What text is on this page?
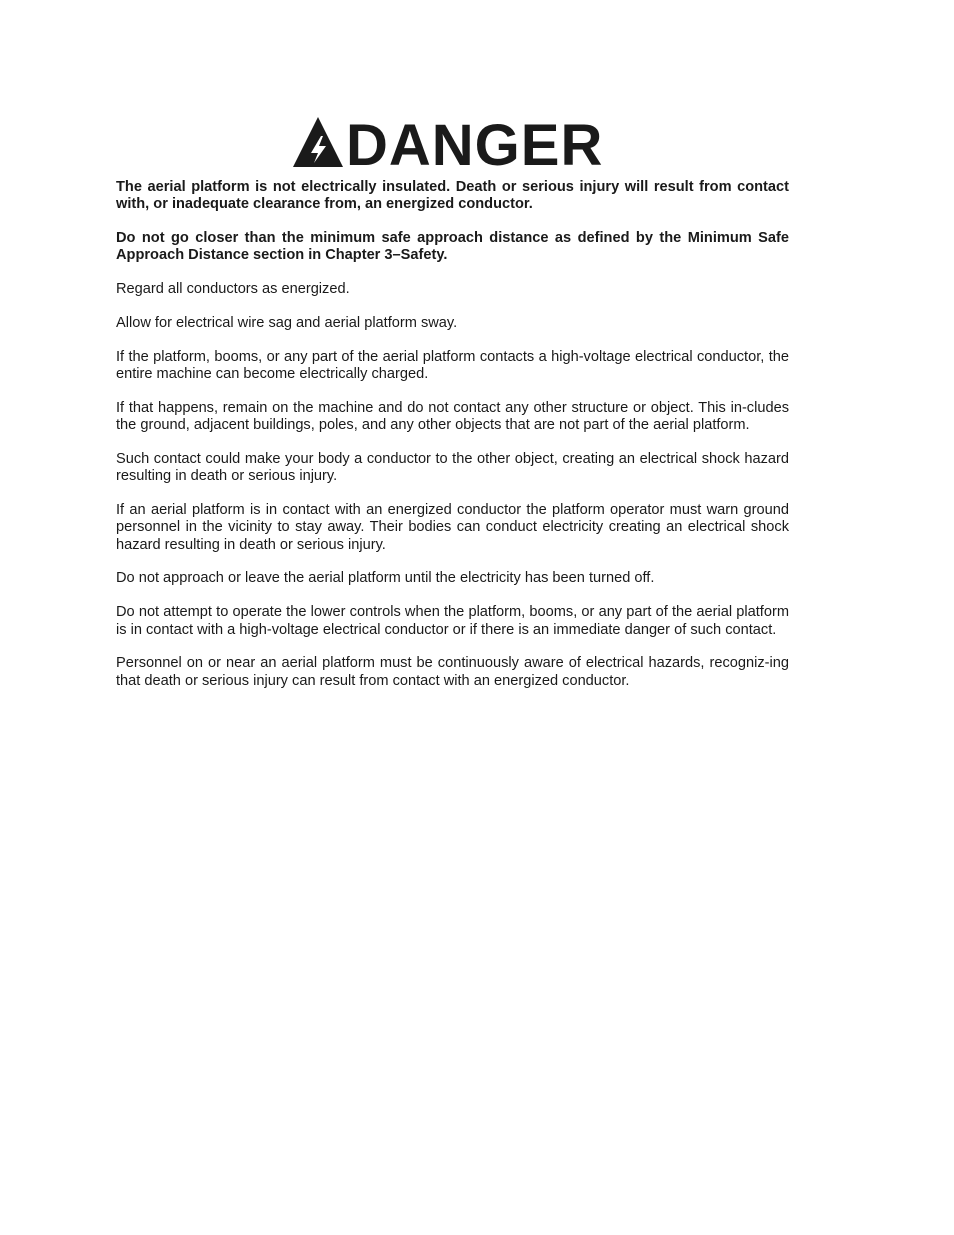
DANGER

The aerial platform is not electrically insulated. Death or serious injury will result from contact with, or inadequate clearance from, an energized conductor.

Do not go closer than the minimum safe approach distance as defined by the Minimum Safe Approach Distance section in Chapter 3–Safety.

Regard all conductors as energized.

Allow for electrical wire sag and aerial platform sway.

If the platform, booms, or any part of the aerial platform contacts a high-voltage electrical conductor, the entire machine can become electrically charged.

If that happens, remain on the machine and do not contact any other structure or object. This in-cludes the ground, adjacent buildings, poles, and any other objects that are not part of the aerial platform.

Such contact could make your body a conductor to the other object, creating an electrical shock hazard resulting in death or serious injury.

If an aerial platform is in contact with an energized conductor the platform operator must warn ground personnel in the vicinity to stay away. Their bodies can conduct electricity creating an electrical shock hazard resulting in death or serious injury.

Do not approach or leave the aerial platform until the electricity has been turned off.

Do not attempt to operate the lower controls when the platform, booms, or any part of the aerial platform is in contact with a high-voltage electrical conductor or if there is an immediate danger of such contact.

Personnel on or near an aerial platform must be continuously aware of electrical hazards, recogniz-ing that death or serious injury can result from contact with an energized conductor.
